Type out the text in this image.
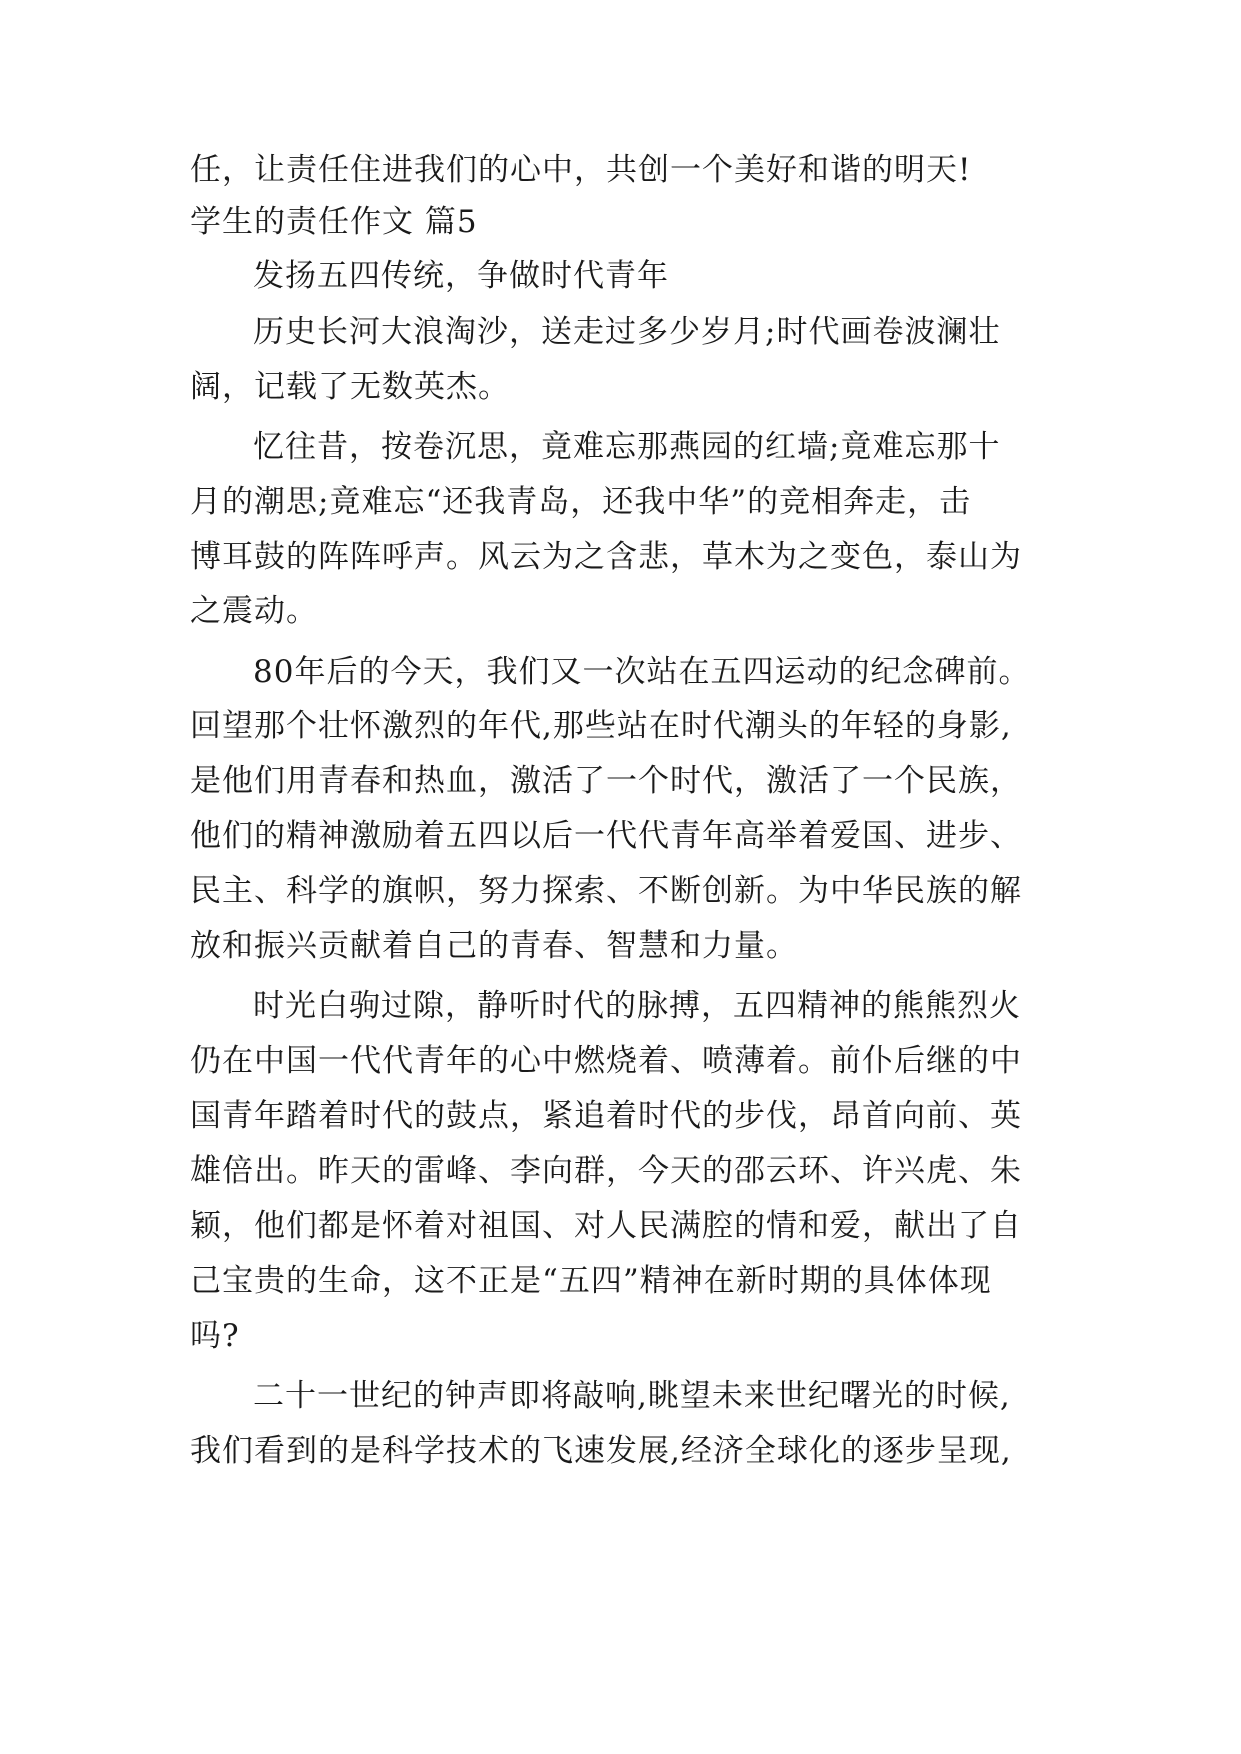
任，让责任住进我们的心中，共创一个美好和谐的明天!

学生的责任作文 篇5

发扬五四传统，争做时代青年

历史长河大浪淘沙，送走过多少岁月;时代画卷波澜壮

阔，记载了无数英杰。

忆往昔，按卷沉思，竟难忘那燕园的红墙;竟难忘那十

月的潮思;竟难忘“还我青岛，还我中华”的竞相奔走，击

博耳鼓的阵阵呼声。风云为之含悲，草木为之变色，泰山为

之震动。

80年后的今天，我们又一次站在五四运动的纪念碑前。

回望那个壮怀激烈的年代,那些站在时代潮头的年轻的身影,

是他们用青春和热血，激活了一个时代，激活了一个民族，

他们的精神激励着五四以后一代代青年高举着爱国、进步、

民主、科学的旗帜，努力探索、不断创新。为中华民族的解

放和振兴贡献着自己的青春、智慧和力量。

时光白驹过隙，静听时代的脉搏，五四精神的熊熊烈火

仍在中国一代代青年的心中燃烧着、喷薄着。前仆后继的中

国青年踏着时代的鼓点，紧追着时代的步伐，昂首向前、英

雄倍出。昨天的雷峰、李向群，今天的邵云环、许兴虎、朱

颖，他们都是怀着对祖国、对人民满腔的情和爱，献出了自

己宝贵的生命，这不正是“五四”精神在新时期的具体体现

吗?

二十一世纪的钟声即将敲响,眺望未来世纪曙光的时候,

我们看到的是科学技术的飞速发展,经济全球化的逐步呈现,
